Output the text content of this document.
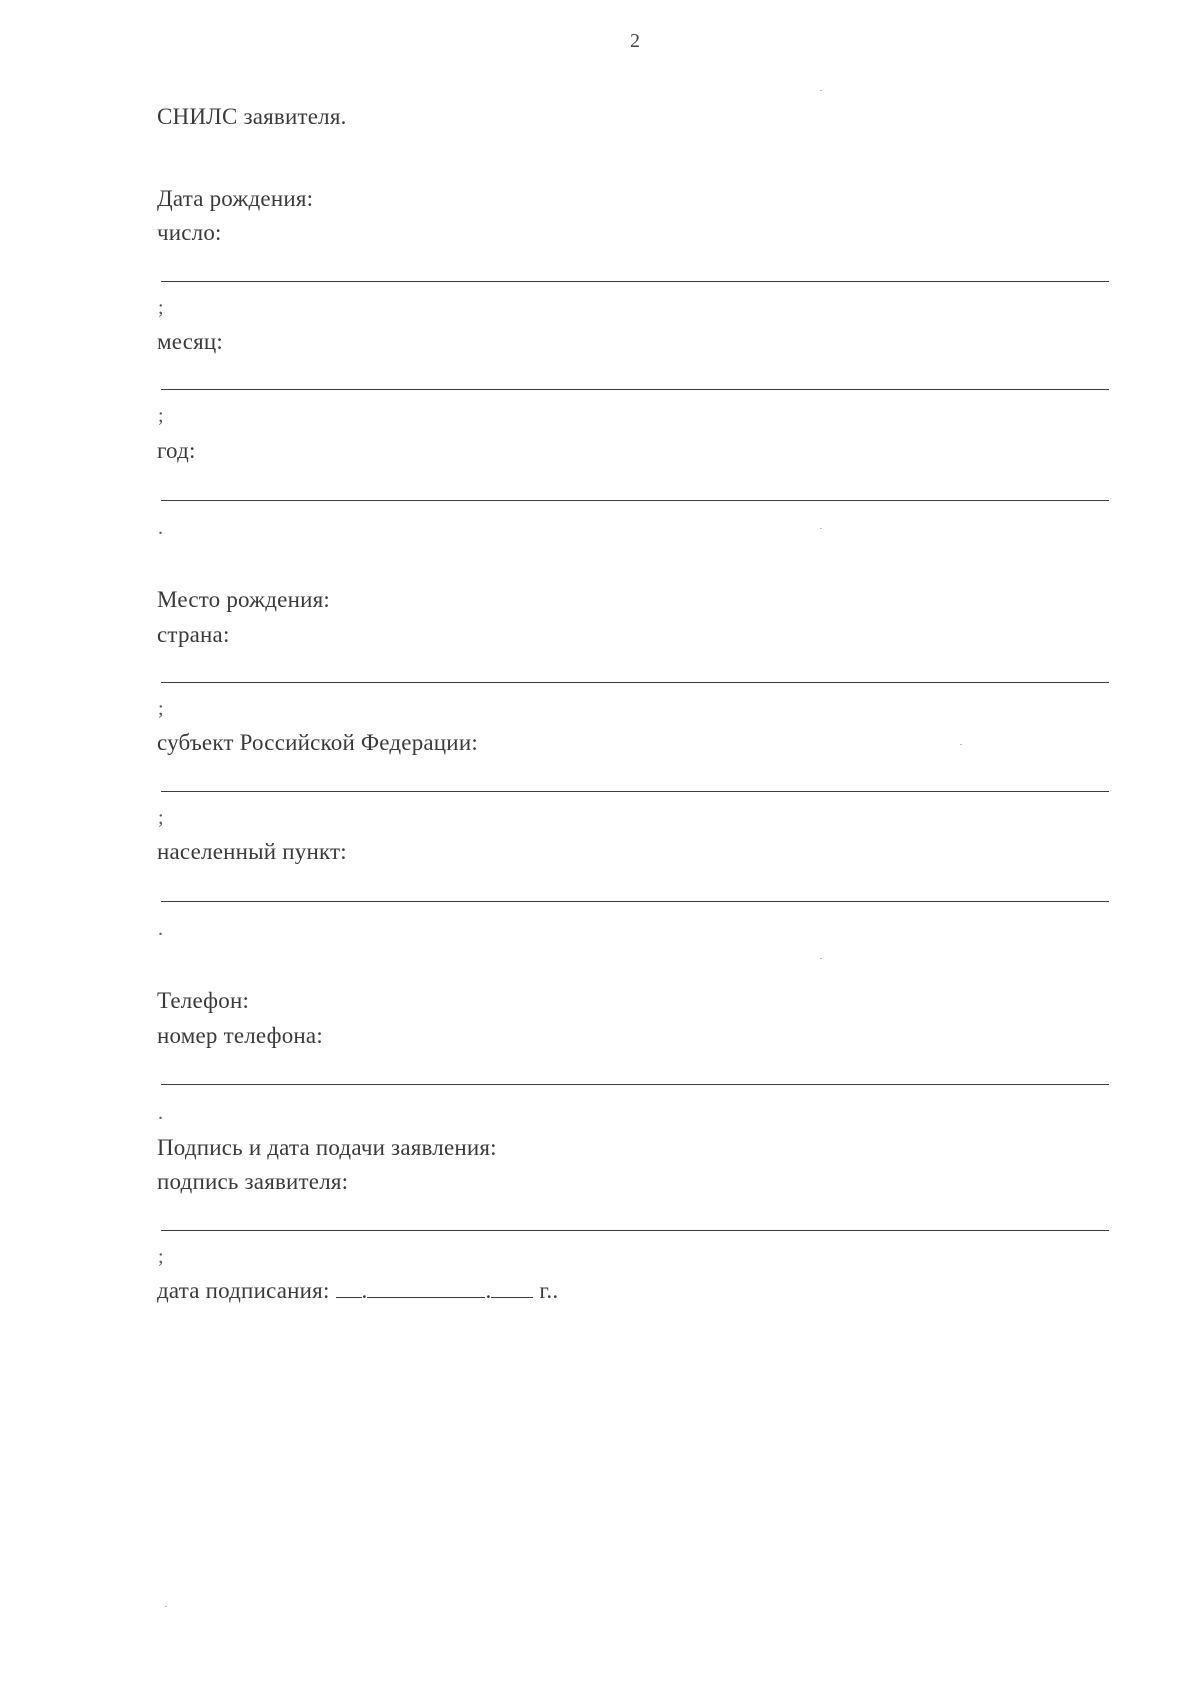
2
СНИЛС заявителя.
Дата рождения:
число:
;
месяц:
;
год:
.
Место рождения:
страна:
;
субъект Российской Федерации:
;
населенный пункт:
.
Телефон:
номер телефона:
.
Подпись и дата подачи заявления:
подпись заявителя:
;
дата подписания: .	. г..
